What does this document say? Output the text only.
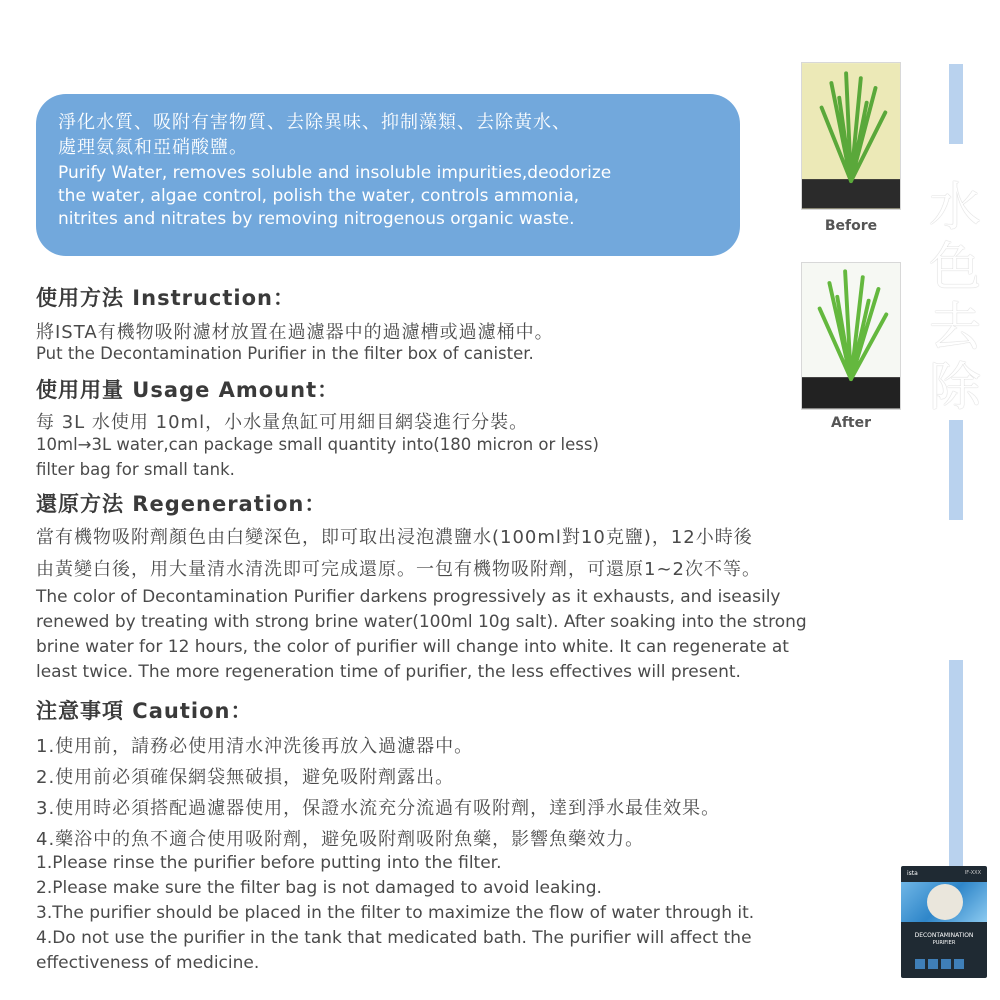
淨化水質、吸附有害物質、去除異味、抑制藻類、去除黃水、
處理氨氮和亞硝酸鹽。
Purify Water, removes soluble and insoluble impurities,deodorize
the water, algae control, polish the water, controls ammonia,
nitrites and nitrates by removing nitrogenous organic waste.	Before
After
水
色
去
除
使用方法 Instruction：
將ISTA有機物吸附濾材放置在過濾器中的過濾槽或過濾桶中。
Put the Decontamination Purifier in the filter box of canister.
使用用量 Usage Amount：
每 3L 水使用 10ml，小水量魚缸可用細目網袋進行分裝。
10ml→3L water,can package small quantity into(180 micron or less)
filter bag for small tank.
還原方法 Regeneration：
當有機物吸附劑顏色由白變深色，即可取出浸泡濃鹽水(100ml對10克鹽)，12小時後
由黃變白後，用大量清水清洗即可完成還原。一包有機物吸附劑，可還原1~2次不等。
The color of Decontamination Purifier darkens progressively as it exhausts, and iseasily
renewed by treating with strong brine water(100ml 10g salt). After soaking into the strong
brine water for 12 hours, the color of purifier will change into white. It can regenerate at
least twice. The more regeneration time of purifier, the less effectives will present.
注意事項 Caution：
1.使用前，請務必使用清水沖洗後再放入過濾器中。
2.使用前必須確保網袋無破損，避免吸附劑露出。
3.使用時必須搭配過濾器使用，保證水流充分流過有吸附劑，達到淨水最佳效果。
4.藥浴中的魚不適合使用吸附劑，避免吸附劑吸附魚藥，影響魚藥效力。
1.Please rinse the purifier before putting into the filter.
2.Please make sure the filter bag is not damaged to avoid leaking.
3.The purifier should be placed in the filter to maximize the flow of water through it.
4.Do not use the purifier in the tank that medicated bath. The purifier will affect the
effectiveness of medicine.
ista	IF-XXX
DECONTAMINATION
PURIFIER
